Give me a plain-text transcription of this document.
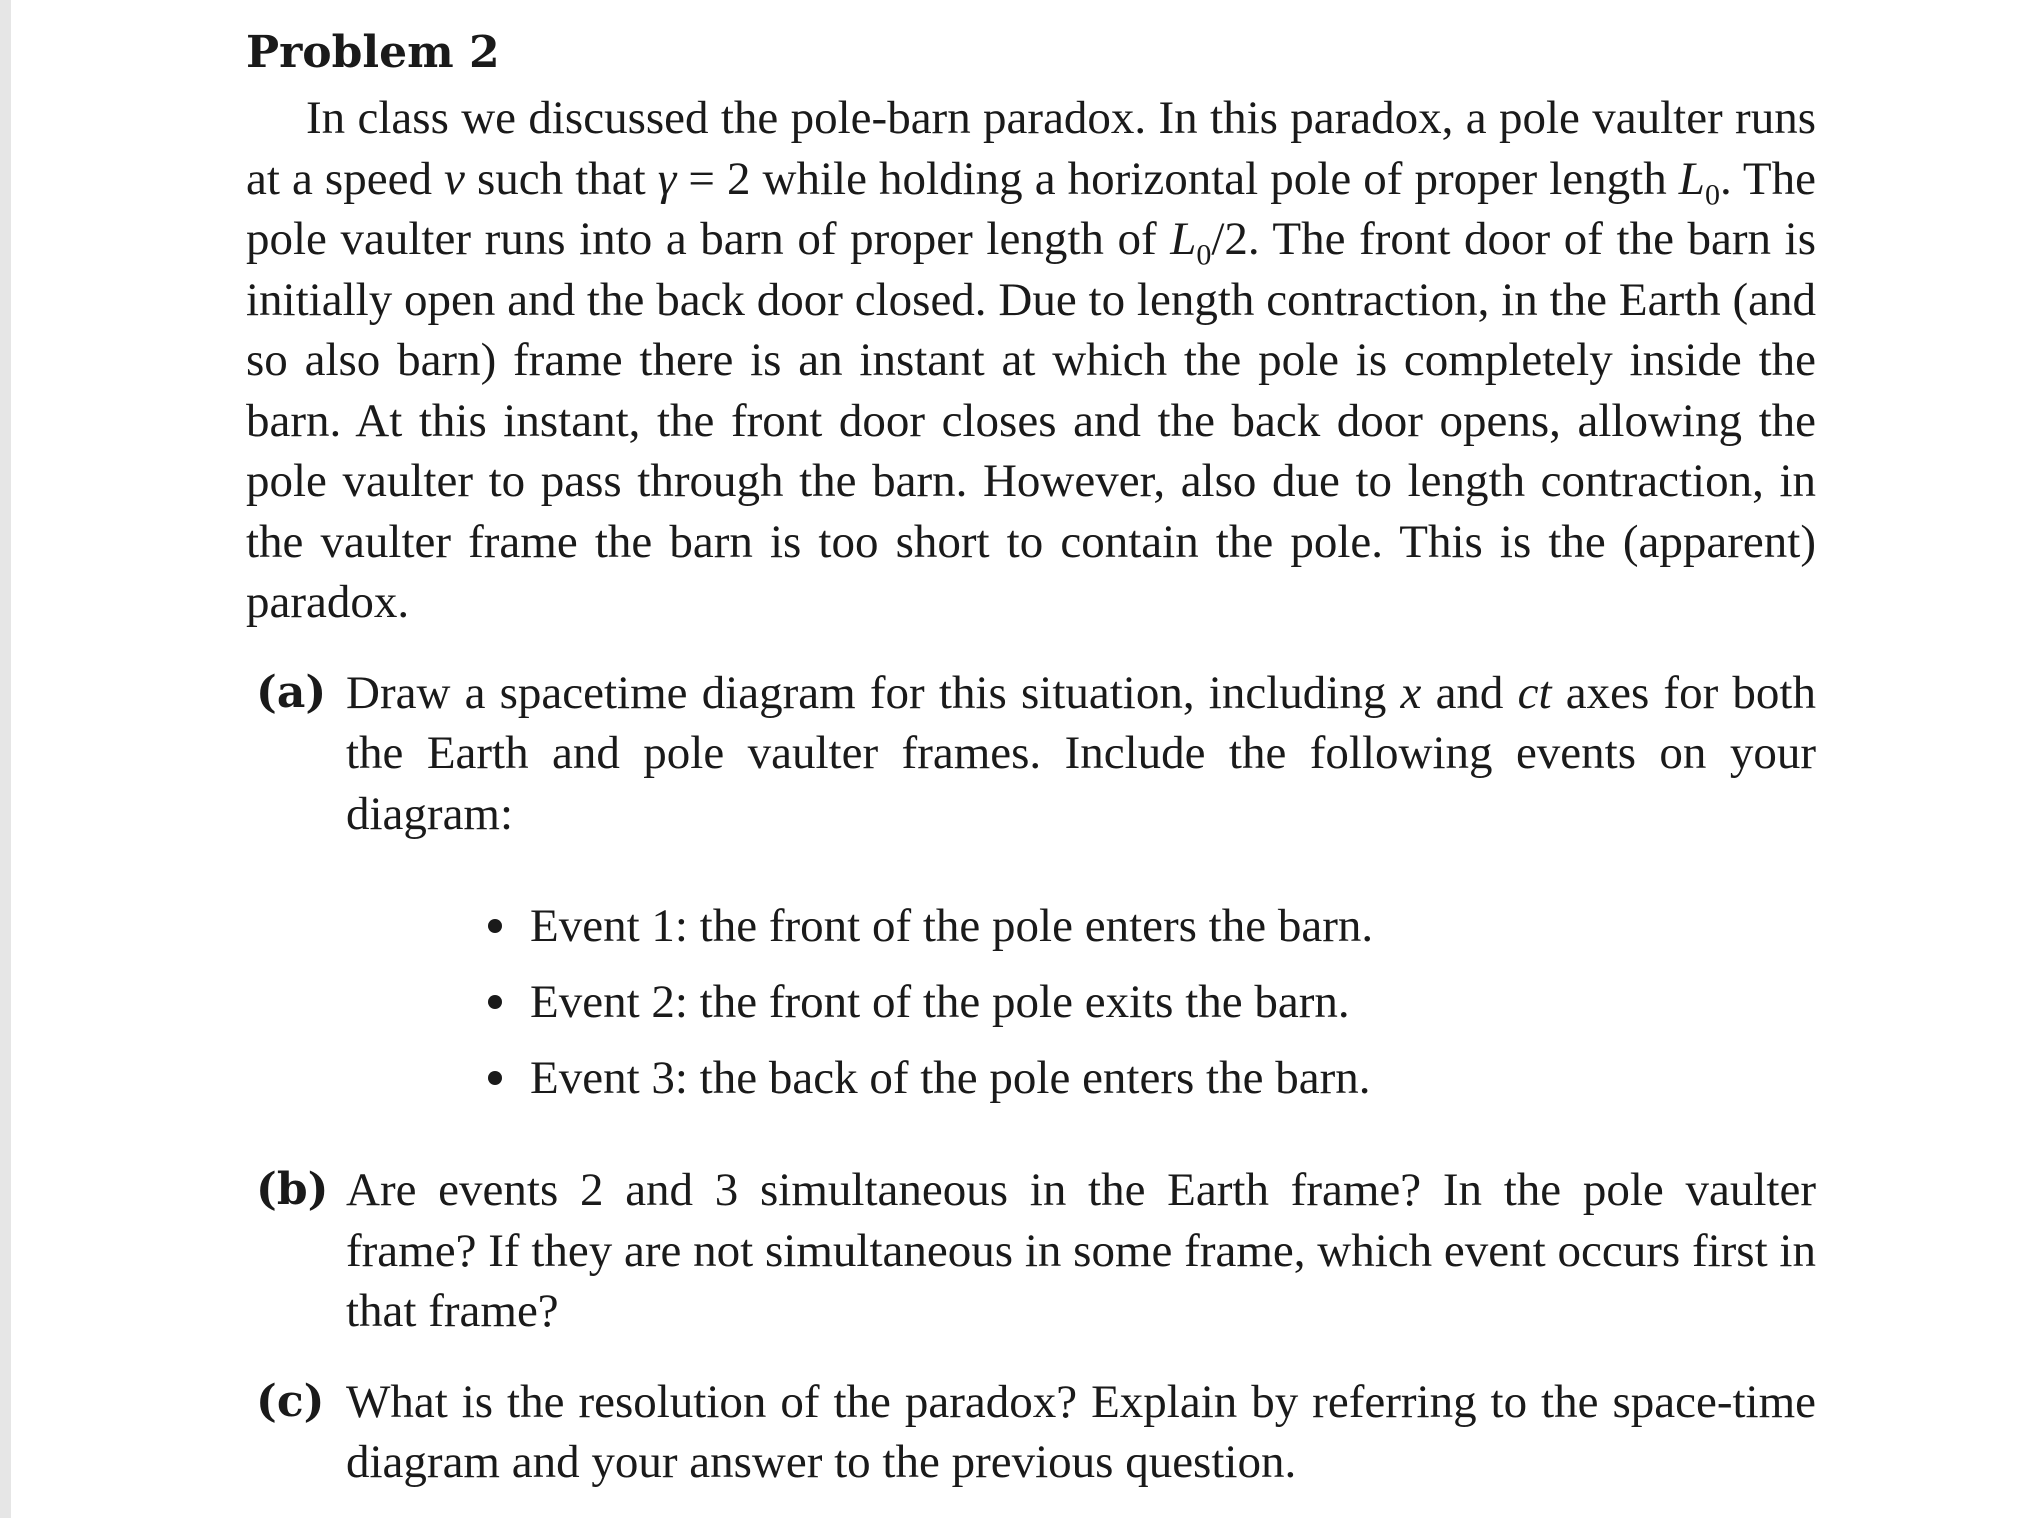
Problem 2

In class we discussed the pole-barn paradox. In this paradox, a pole vaulter runs at a speed v such that γ = 2 while holding a horizontal pole of proper length $L_0$. The pole vaulter runs into a barn of proper length of $L_0/2$. The front door of the barn is initially open and the back door closed. Due to length contraction, in the Earth (and so also barn) frame there is an instant at which the pole is completely inside the barn. At this instant, the front door closes and the back door opens, allowing the pole vaulter to pass through the barn. However, also due to length contraction, in the vaulter frame the barn is too short to contain the pole. This is the (apparent) paradox.

(a) Draw a spacetime diagram for this situation, including x and ct axes for both the Earth and pole vaulter frames. Include the following events on your diagram:
Event 1: the front of the pole enters the barn.
Event 2: the front of the pole exits the barn.
Event 3: the back of the pole enters the barn.
(b) Are events 2 and 3 simultaneous in the Earth frame? In the pole vaulter frame? If they are not simultaneous in some frame, which event occurs first in that frame?
(c) What is the resolution of the paradox? Explain by referring to the space-time diagram and your answer to the previous question.
